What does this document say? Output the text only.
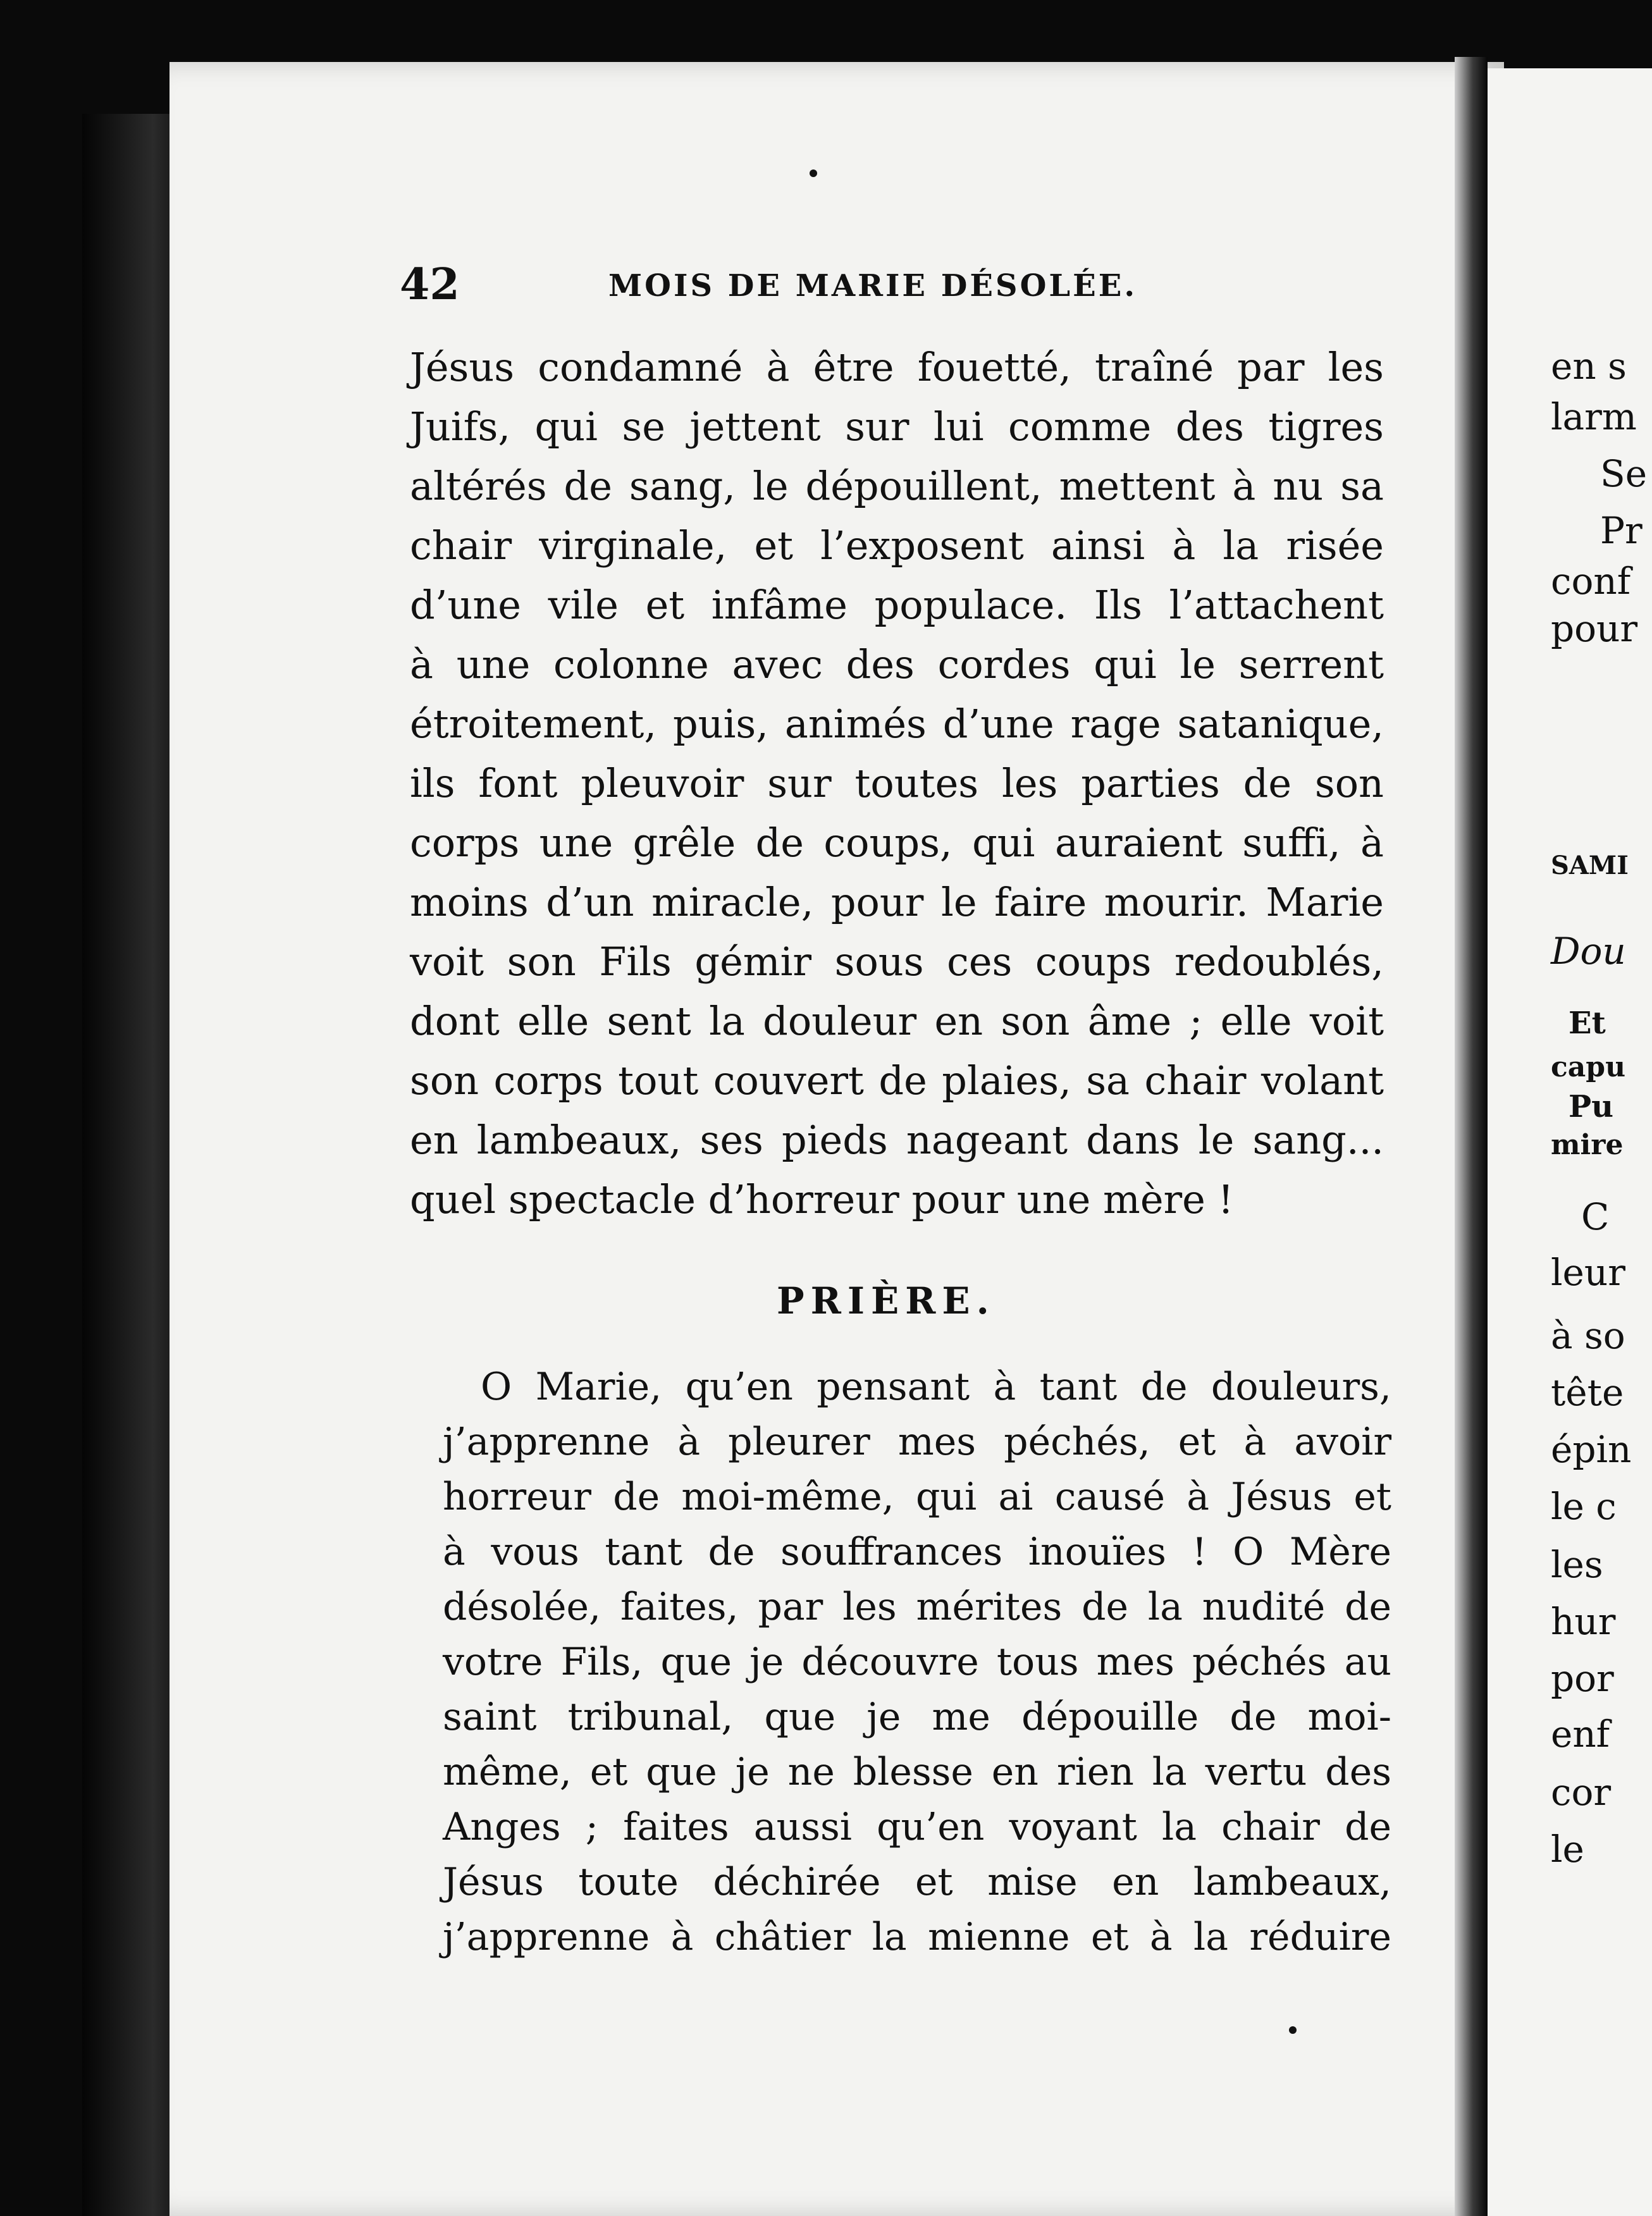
42	MOIS DE MARIE DÉSOLÉE.
Jésus condamné à être fouetté, traîné par les
Juifs, qui se jettent sur lui comme des tigres
altérés de sang, le dépouillent, mettent à nu sa
chair virginale, et l’exposent ainsi à la risée
d’une vile et infâme populace. Ils l’attachent
à une colonne avec des cordes qui le serrent
étroitement, puis, animés d’une rage satanique,
ils font pleuvoir sur toutes les parties de son
corps une grêle de coups, qui auraient suffi, à
moins d’un miracle, pour le faire mourir. Marie
voit son Fils gémir sous ces coups redoublés,
dont elle sent la douleur en son âme ; elle voit
son corps tout couvert de plaies, sa chair volant
en lambeaux, ses pieds nageant dans le sang...
quel spectacle d’horreur pour une mère !
PRIÈRE.
O Marie, qu’en pensant à tant de douleurs,
j’apprenne à pleurer mes péchés, et à avoir
horreur de moi-même, qui ai causé à Jésus et
à vous tant de souffrances inouïes ! O Mère
désolée, faites, par les mérites de la nudité de
votre Fils, que je découvre tous mes péchés au
saint tribunal, que je me dépouille de moi-
même, et que je ne blesse en rien la vertu des
Anges ; faites aussi qu’en voyant la chair de
Jésus toute déchirée et mise en lambeaux,
j’apprenne à châtier la mienne et à la réduire
en s
larm
Se
Pr
conf
pour
SAMI
Dou
Et
capu
Pu
mire
C
leur
à so
tête
épin
le c
les
hur
por
enf
cor
le
